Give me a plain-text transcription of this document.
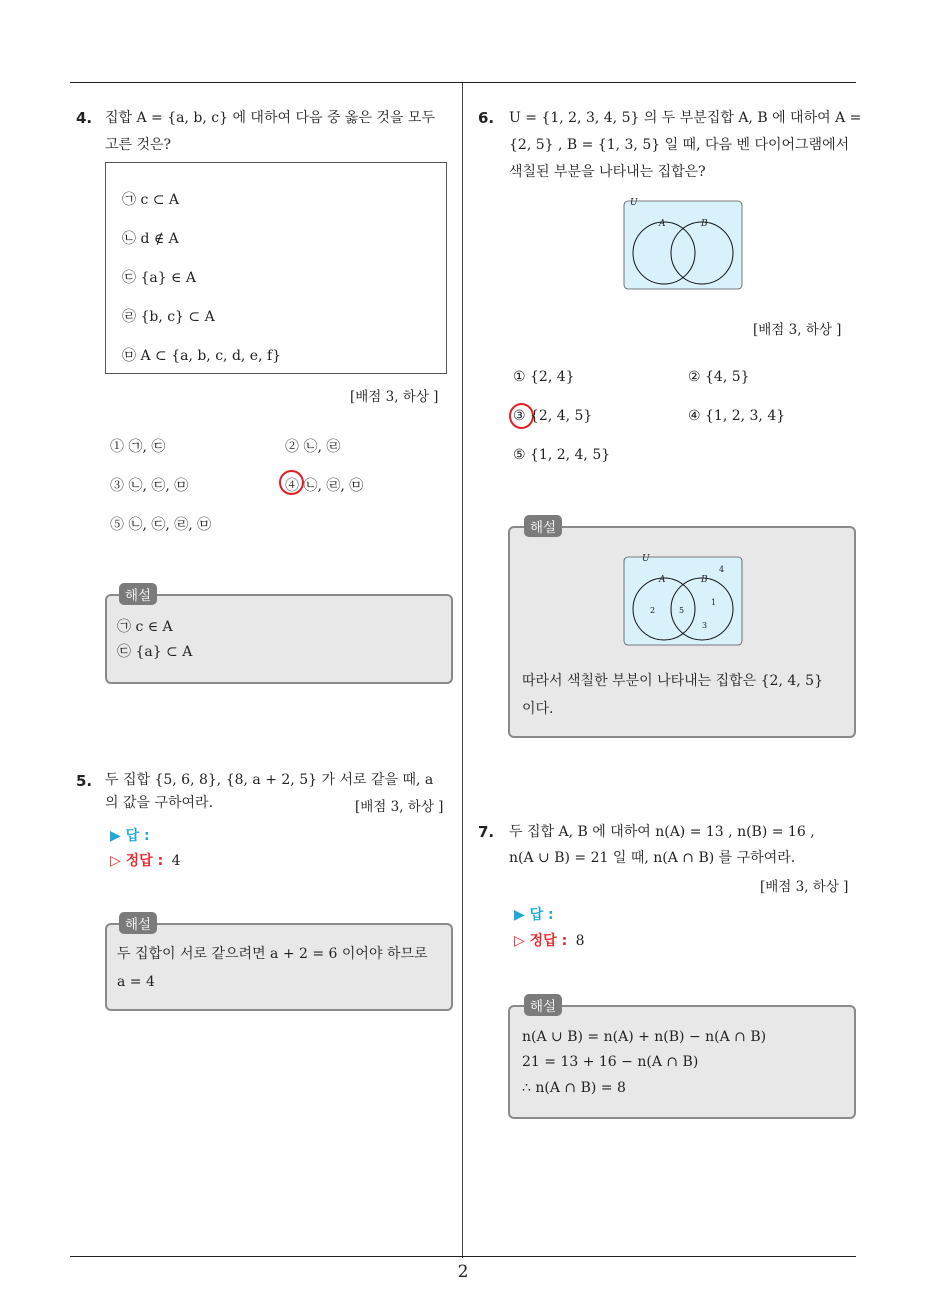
2
4. 집합 A = {a, b, c} 에 대하여 다음 중 옳은 것을 모두
고른 것은?
㉠ c ⊂ A
㉡ d ∉ A
㉢ {a} ∈ A
㉣ {b, c} ⊂ A
㉤ A ⊂ {a, b, c, d, e, f}
[배점 3, 하상 ]
① ㉠, ㉢	② ㉡, ㉣
③ ㉡, ㉢, ㉤	④ ㉡, ㉣, ㉤
⑤ ㉡, ㉢, ㉣, ㉤
㉠ c ∈ A
㉢ {a} ⊂ A
해설
5. 두 집합 {5, 6, 8}, {8, a + 2, 5} 가 서로 같을 때, a
의 값을 구하여라.	[배점 3, 하상 ]
▶ 답 :
▷ 정답 : 4
두 집합이 서로 같으려면 a + 2 = 6 이어야 하므로
a = 4
해설
6. U = {1, 2, 3, 4, 5} 의 두 부분집합 A, B 에 대하여 A =
{2, 5} , B = {1, 3, 5} 일 때, 다음 벤 다이어그램에서
색칠된 부분을 나타내는 집합은?
U
A	B
[배점 3, 하상 ]
① {2, 4}	② {4, 5}
③ {2, 4, 5}	④ {1, 2, 3, 4}
⑤ {1, 2, 4, 5}
U
A	B
4
2	5
1
3
따라서 색칠한 부분이 나타내는 집합은 {2, 4, 5}
이다.
해설
7. 두 집합 A, B 에 대하여 n(A) = 13 , n(B) = 16 ,
n(A ∪ B) = 21 일 때, n(A ∩ B) 를 구하여라.
[배점 3, 하상 ]
▶ 답 :
▷ 정답 : 8
n(A ∪ B) = n(A) + n(B) − n(A ∩ B)
21 = 13 + 16 − n(A ∩ B)
∴ n(A ∩ B) = 8
해설
